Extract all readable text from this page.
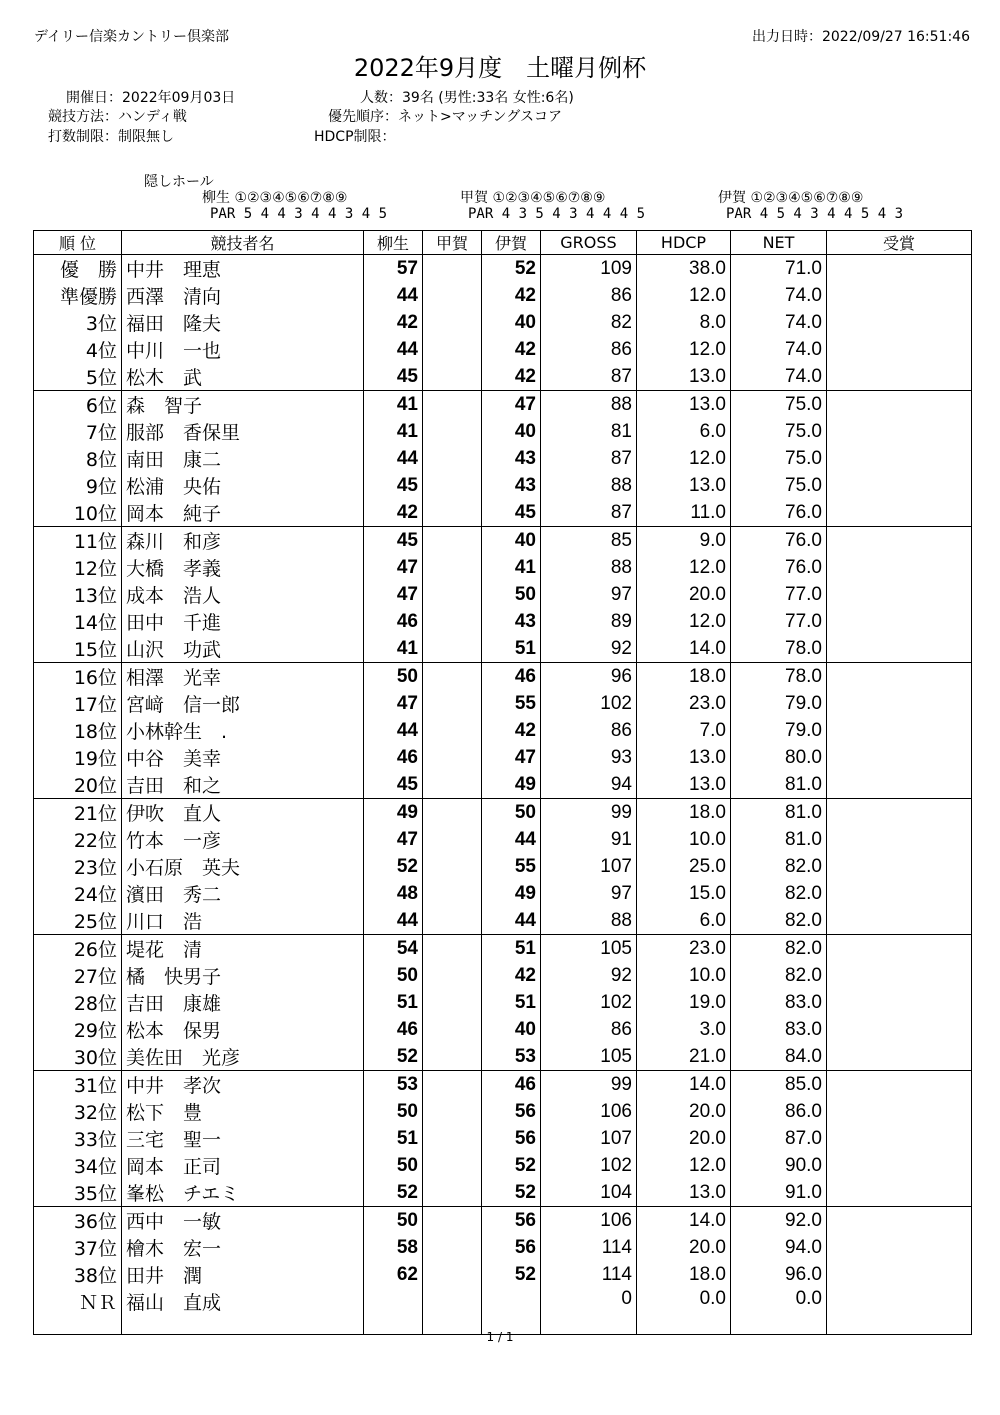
デイリー信楽カントリー倶楽部	出力日時：2022/09/27 16:51:46
2022年9月度　土曜月例杯
開催日：2022年09月03日	人数：39名 (男性:33名 女性:6名)
競技方法：ハンディ戦	優先順序：ネット>マッチングスコア
打数制限：制限無し	HDCP制限：
隠しホール
柳生 ①②③④⑤⑥⑦⑧⑨
PAR 5 4 4 3 4 4 3 4 5
甲賀 ①②③④⑤⑥⑦⑧⑨
PAR 4 3 5 4 3 4 4 4 5
伊賀 ①②③④⑤⑥⑦⑧⑨
PAR 4 5 4 3 4 4 5 4 3
順 位	競技者名	柳生	甲賀	伊賀	GROSS	HDCP	NET	受賞
優　勝	中井　理恵	57		52	109	38.0	71.0	
準優勝	西澤　清向	44		42	86	12.0	74.0	
3位	福田　隆夫	42		40	82	8.0	74.0	
4位	中川　一也	44		42	86	12.0	74.0	
5位	松木　武	45		42	87	13.0	74.0	
6位	森　智子	41		47	88	13.0	75.0	
7位	服部　香保里	41		40	81	6.0	75.0	
8位	南田　康二	44		43	87	12.0	75.0	
9位	松浦　央佑	45		43	88	13.0	75.0	
10位	岡本　純子	42		45	87	11.0	76.0	
11位	森川　和彦	45		40	85	9.0	76.0	
12位	大橋　孝義	47		41	88	12.0	76.0	
13位	成本　浩人	47		50	97	20.0	77.0	
14位	田中　千進	46		43	89	12.0	77.0	
15位	山沢　功武	41		51	92	14.0	78.0	
16位	相澤　光幸	50		46	96	18.0	78.0	
17位	宮﨑　信一郎	47		55	102	23.0	79.0	
18位	小林幹生　.	44		42	86	7.0	79.0	
19位	中谷　美幸	46		47	93	13.0	80.0	
20位	吉田　和之	45		49	94	13.0	81.0	
21位	伊吹　直人	49		50	99	18.0	81.0	
22位	竹本　一彦	47		44	91	10.0	81.0	
23位	小石原　英夫	52		55	107	25.0	82.0	
24位	濱田　秀二	48		49	97	15.0	82.0	
25位	川口　浩	44		44	88	6.0	82.0	
26位	堤花　清	54		51	105	23.0	82.0	
27位	橘　快男子	50		42	92	10.0	82.0	
28位	吉田　康雄	51		51	102	19.0	83.0	
29位	松本　保男	46		40	86	3.0	83.0	
30位	美佐田　光彦	52		53	105	21.0	84.0	
31位	中井　孝次	53		46	99	14.0	85.0	
32位	松下　豊	50		56	106	20.0	86.0	
33位	三宅　聖一	51		56	107	20.0	87.0	
34位	岡本　正司	50		52	102	12.0	90.0	
35位	峯松　チエミ	52		52	104	13.0	91.0	
36位	西中　一敏	50		56	106	14.0	92.0	
37位	檜木　宏一	58		56	114	20.0	94.0	
38位	田井　潤	62		52	114	18.0	96.0	
ＮＲ	福山　直成				0	0.0	0.0	
1 / 1
